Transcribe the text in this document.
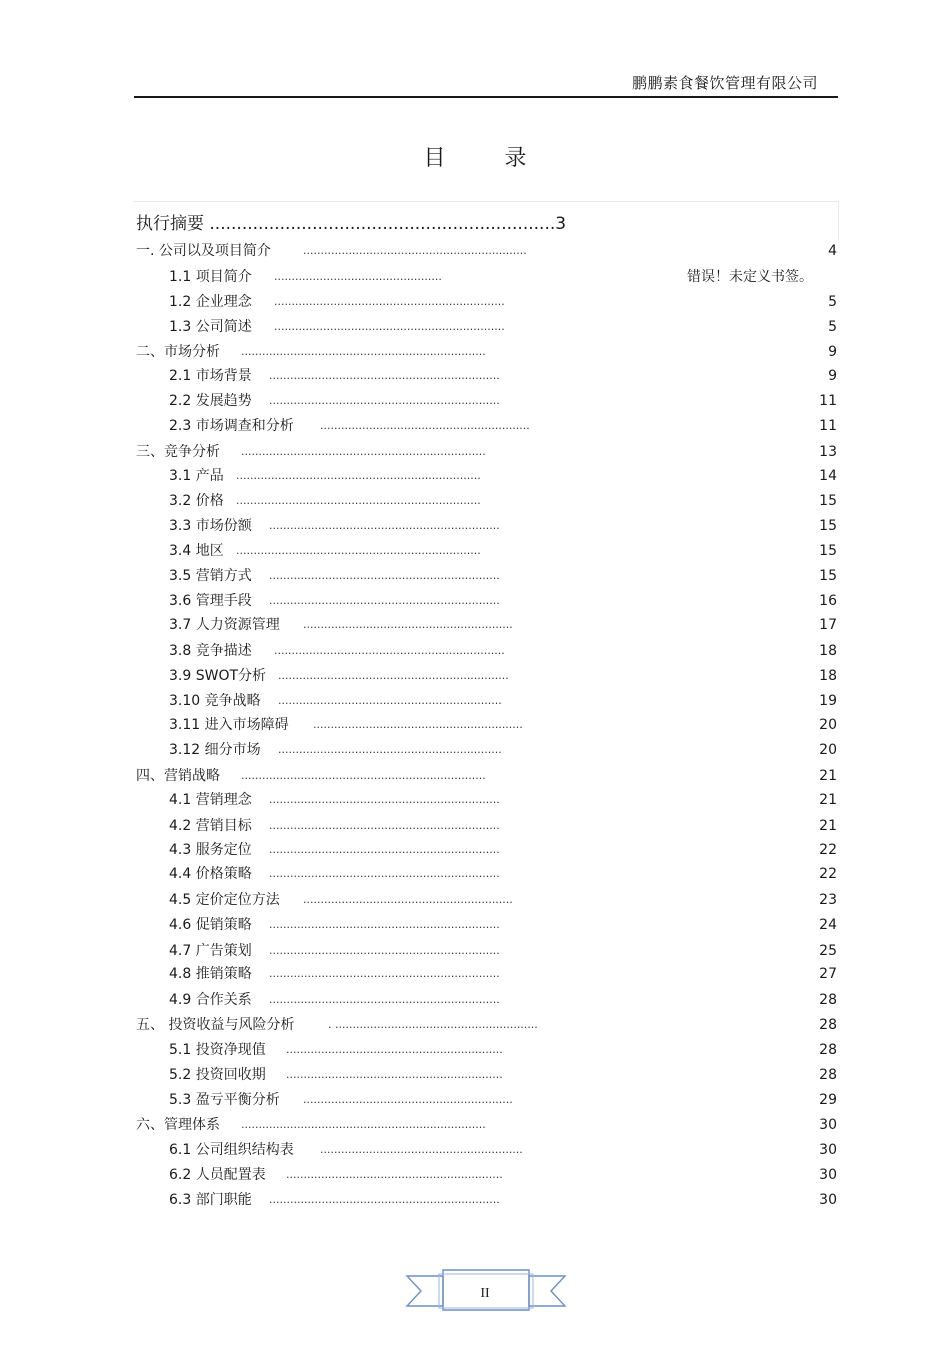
鹏鹏素食餐饮管理有限公司
目 录
执行摘要 ................................................................3
一. 公司以及项目简介	................................................................	4
1.1 项目简介 ................................................	错误！未定义书签。
1.2 企业理念 ..................................................................	5
1.3 公司简述 ..................................................................	5
二、市场分析 ......................................................................	9
2.1 市场背景 ..................................................................	9
2.2 发展趋势 ..................................................................	11
2.3 市场调查和分析 ............................................................	11
三、竞争分析 ......................................................................	13
3.1 产品 ......................................................................	14
3.2 价格 ......................................................................	15
3.3 市场份额 ..................................................................	15
3.4 地区 ......................................................................	15
3.5 营销方式 ..................................................................	15
3.6 管理手段 ..................................................................	16
3.7 人力资源管理 ............................................................	17
3.8 竞争描述 ..................................................................	18
3.9 SWOT分析 ..................................................................	18
3.10 竞争战略 ................................................................	19
3.11 进入市场障碍 ............................................................	20
3.12 细分市场 ................................................................	20
四、营销战略 ......................................................................	21
4.1 营销理念 ..................................................................	21
4.2 营销目标 ..................................................................	21
4.3 服务定位 ..................................................................	22
4.4 价格策略 ..................................................................	22
4.5 定价定位方法 ............................................................	23
4.6 促销策略 ..................................................................	24
4.7 广告策划 ..................................................................	25
4.8 推销策略 ..................................................................	27
4.9 合作关系 ..................................................................	28
五、 投资收益与风险分析	. ..........................................................	28
5.1 投资净现值 ..............................................................	28
5.2 投资回收期 ..............................................................	28
5.3 盈亏平衡分析 ............................................................	29
六、管理体系 ......................................................................	30
6.1 公司组织结构表 ..........................................................	30
6.2 人员配置表 ..............................................................	30
6.3 部门职能 ..................................................................	30
II
